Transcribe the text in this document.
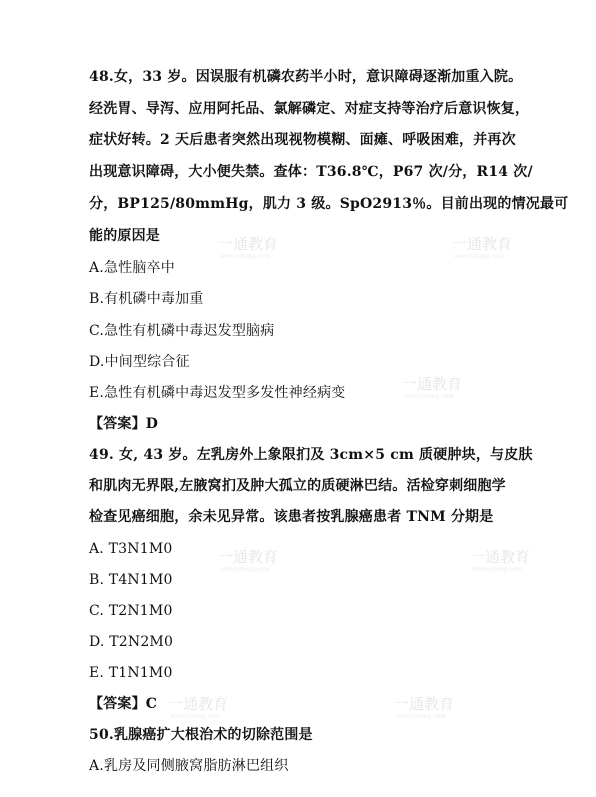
一通教育
www.yitong.com
一通教育
www.yitong.com
一通教育
www.yitong.com
一通教育
www.yitong.com
一通教育
www.yitong.com
一通教育
www.yitong.com
一通教育
www.yitong.com
48.女，33 岁。因误服有机磷农药半小时，意识障碍逐渐加重入院。
经洗胃、导泻、应用阿托品、氯解磷定、对症支持等治疗后意识恢复，
症状好转。2 天后患者突然出现视物模糊、面瘫、呼吸困难，并再次
出现意识障碍，大小便失禁。查体：T36.8℃，P67 次/分，R14 次/
分，BP125/80mmHg，肌力 3 级。SpO2913％。目前出现的情况最可
能的原因是
A.急性脑卒中
B.有机磷中毒加重
C.急性有机磷中毒迟发型脑病
D.中间型综合征
E.急性有机磷中毒迟发型多发性神经病变
【答案】D
49. 女, 43 岁。左乳房外上象限扪及 3cm×5 cm 质硬肿块，与皮肤
和肌肉无界限,左腋窝扪及肿大孤立的质硬淋巴结。活检穿刺细胞学
检查见癌细胞，余未见异常。该患者按乳腺癌患者 TNM 分期是
A. T3N1M0
B. T4N1M0
C. T2N1M0
D. T2N2M0
E. T1N1M0
【答案】C
50.乳腺癌扩大根治术的切除范围是
A.乳房及同侧腋窝脂肪淋巴组织
